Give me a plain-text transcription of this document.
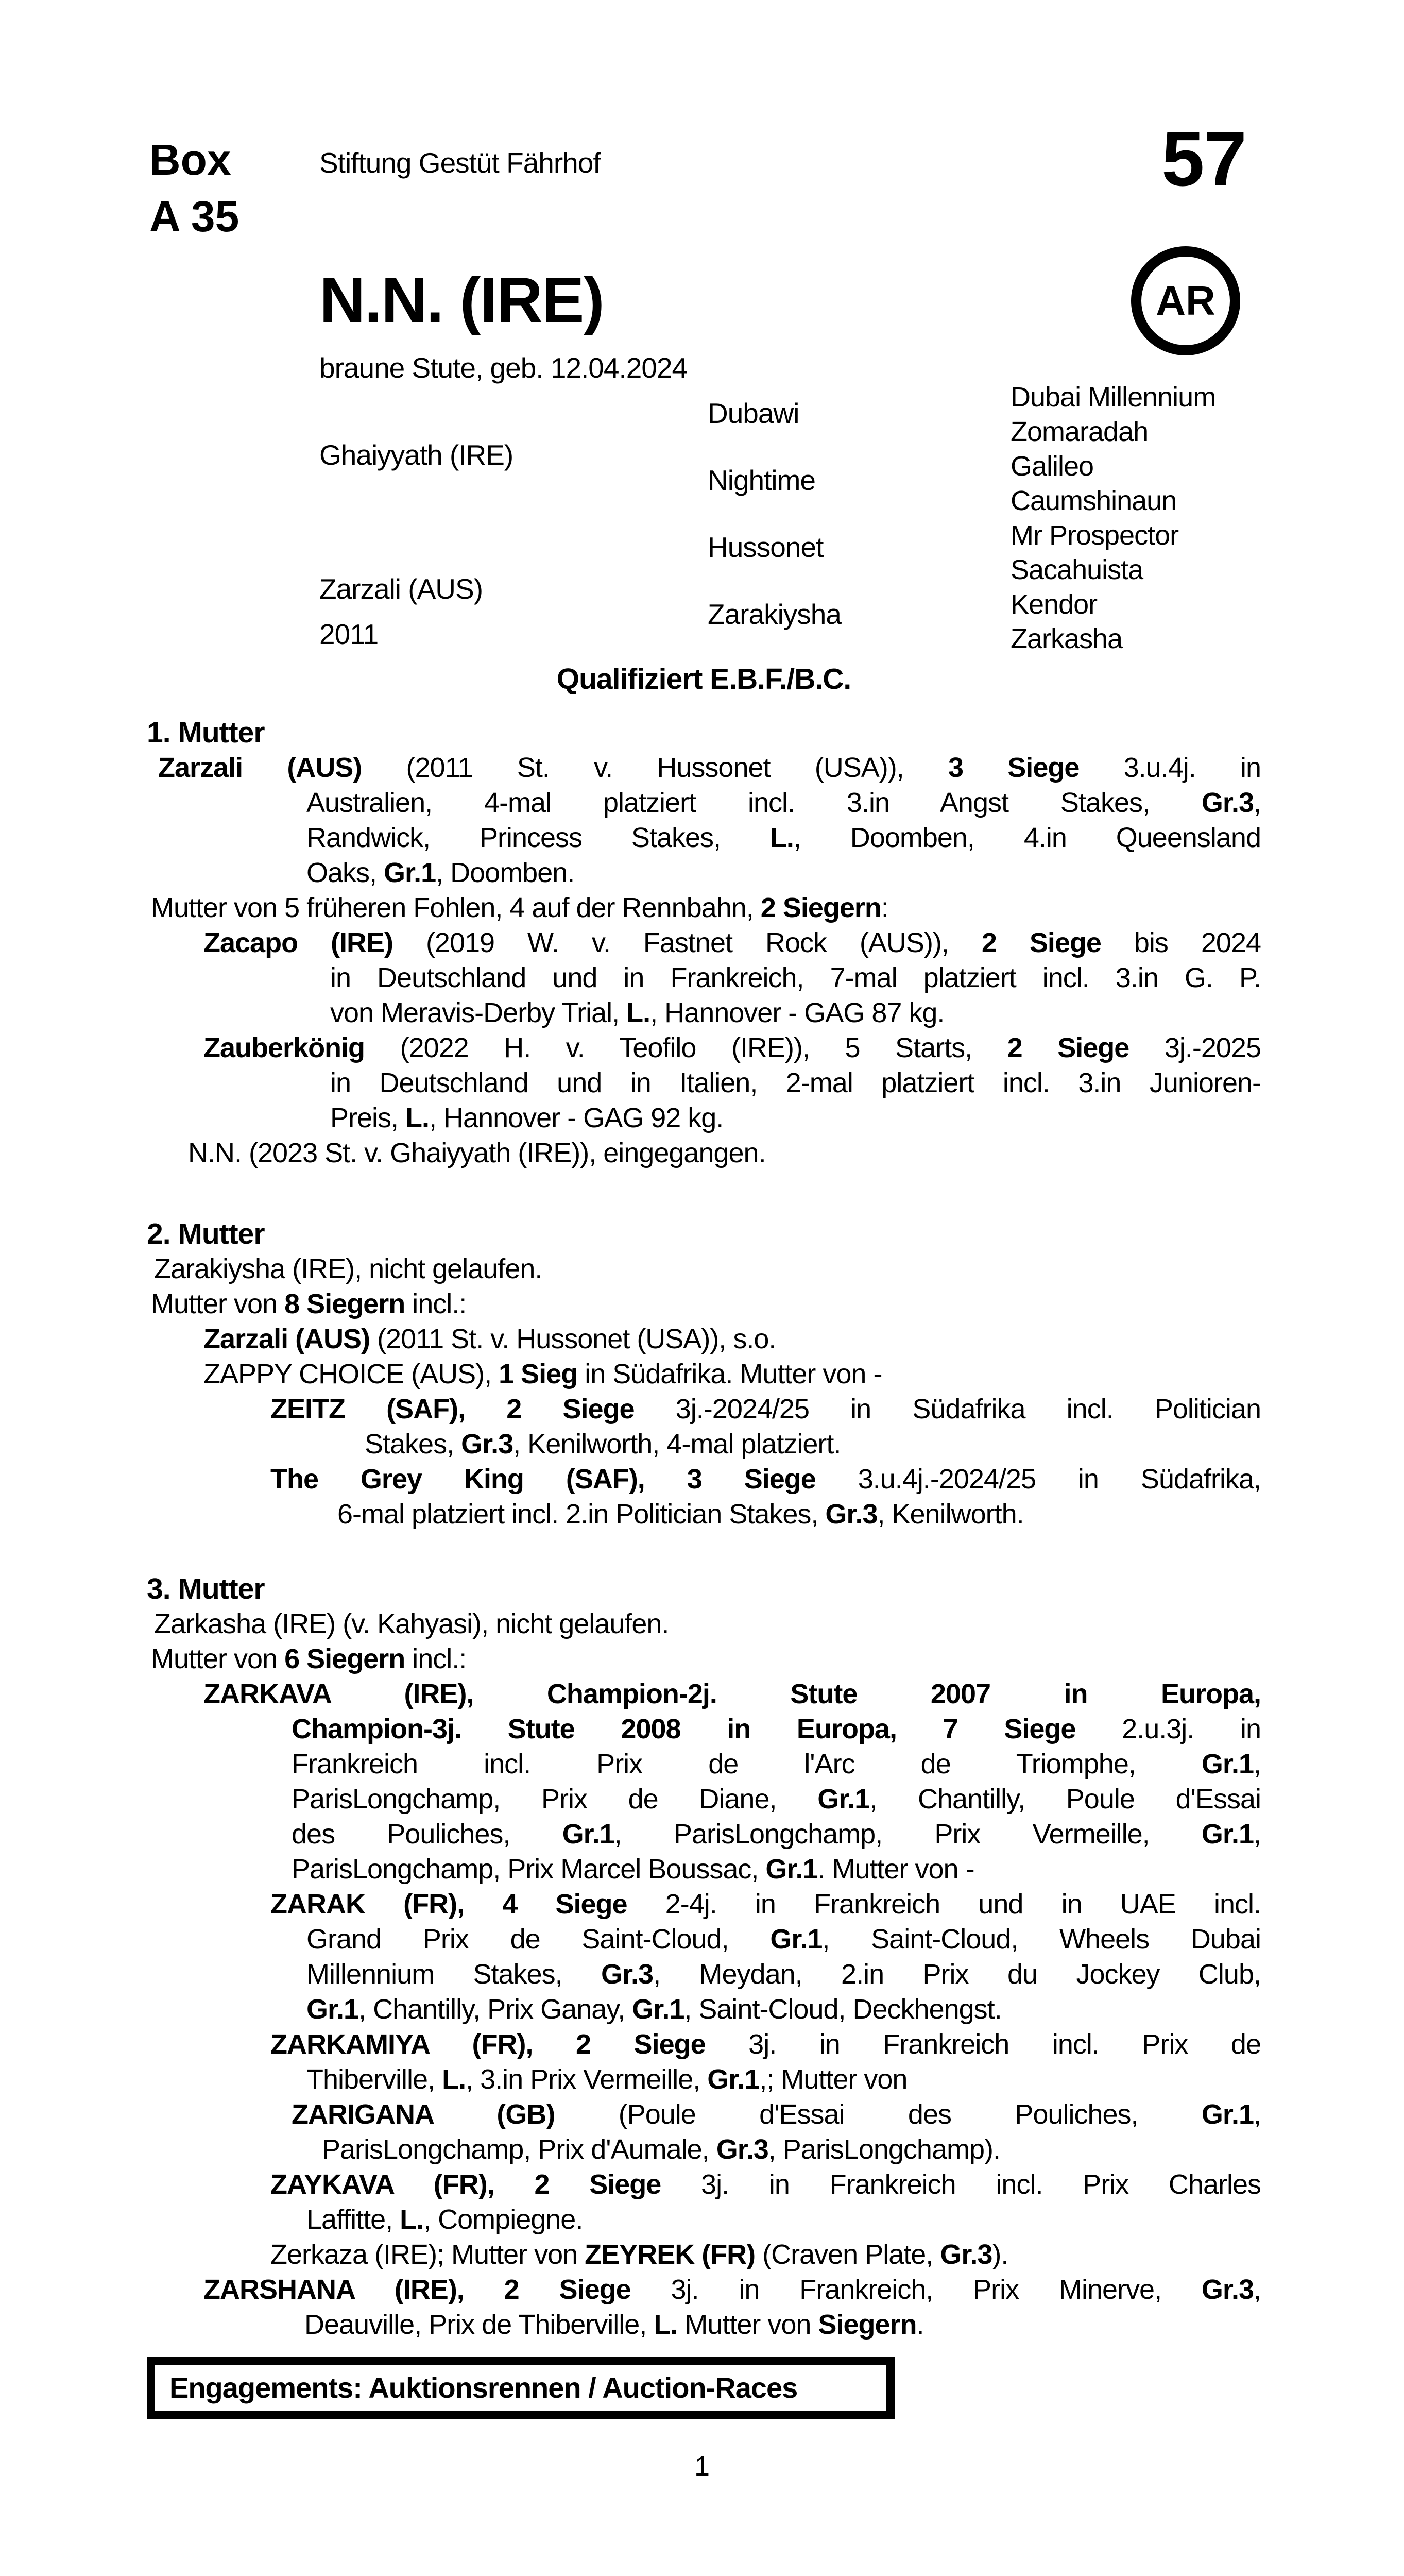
Box
A 35
Stiftung Gestüt Fährhof	57
AR
N.N. (IRE)
braune Stute, geb. 12.04.2024
Ghaiyyath (IRE)
Zarzali (AUS)
2011
Dubawi
Nightime
Hussonet
Zarakiysha
Dubai Millennium
Zomaradah
Galileo
Caumshinaun
Mr Prospector
Sacahuista
Kendor
Zarkasha
Qualifiziert E.B.F./B.C.
1. Mutter
Zarzali (AUS) (2011 St. v. Hussonet (USA)), 3 Siege 3.u.4j. in
Australien, 4-mal platziert incl. 3.in Angst Stakes, Gr.3,
Randwick, Princess Stakes, L., Doomben, 4.in Queensland
Oaks, Gr.1, Doomben.
Mutter von 5 früheren Fohlen, 4 auf der Rennbahn, 2 Siegern:
Zacapo (IRE) (2019 W. v. Fastnet Rock (AUS)), 2 Siege bis 2024
in Deutschland und in Frankreich, 7-mal platziert incl. 3.in G. P.
von Meravis-Derby Trial, L., Hannover - GAG 87 kg.
Zauberkönig (2022 H. v. Teofilo (IRE)), 5 Starts, 2 Siege 3j.-2025
in Deutschland und in Italien, 2-mal platziert incl. 3.in Junioren-
Preis, L., Hannover - GAG 92 kg.
N.N. (2023 St. v. Ghaiyyath (IRE)), eingegangen.
2. Mutter
Zarakiysha (IRE), nicht gelaufen.
Mutter von 8 Siegern incl.:
Zarzali (AUS) (2011 St. v. Hussonet (USA)), s.o.
ZAPPY CHOICE (AUS), 1 Sieg in Südafrika. Mutter von -
ZEITZ (SAF), 2 Siege 3j.-2024/25 in Südafrika incl. Politician
Stakes, Gr.3, Kenilworth, 4-mal platziert.
The Grey King (SAF), 3 Siege 3.u.4j.-2024/25 in Südafrika,
6-mal platziert incl. 2.in Politician Stakes, Gr.3, Kenilworth.
3. Mutter
Zarkasha (IRE) (v. Kahyasi), nicht gelaufen.
Mutter von 6 Siegern incl.:
ZARKAVA (IRE), Champion-2j. Stute 2007 in Europa,
Champion-3j. Stute 2008 in Europa, 7 Siege 2.u.3j. in
Frankreich incl. Prix de l'Arc de Triomphe, Gr.1,
ParisLongchamp, Prix de Diane, Gr.1, Chantilly, Poule d'Essai
des Pouliches, Gr.1, ParisLongchamp, Prix Vermeille, Gr.1,
ParisLongchamp, Prix Marcel Boussac, Gr.1. Mutter von -
ZARAK (FR), 4 Siege 2-4j. in Frankreich und in UAE incl.
Grand Prix de Saint-Cloud, Gr.1, Saint-Cloud, Wheels Dubai
Millennium Stakes, Gr.3, Meydan, 2.in Prix du Jockey Club,
Gr.1, Chantilly, Prix Ganay, Gr.1, Saint-Cloud, Deckhengst.
ZARKAMIYA (FR), 2 Siege 3j. in Frankreich incl. Prix de
Thiberville, L., 3.in Prix Vermeille, Gr.1,; Mutter von
ZARIGANA (GB) (Poule d'Essai des Pouliches, Gr.1,
ParisLongchamp, Prix d'Aumale, Gr.3, ParisLongchamp).
ZAYKAVA (FR), 2 Siege 3j. in Frankreich incl. Prix Charles
Laffitte, L., Compiegne.
Zerkaza (IRE); Mutter von ZEYREK (FR) (Craven Plate, Gr.3).
ZARSHANA (IRE), 2 Siege 3j. in Frankreich, Prix Minerve, Gr.3,
Deauville, Prix de Thiberville, L. Mutter von Siegern.
Engagements: Auktionsrennen / Auction-Races
1
